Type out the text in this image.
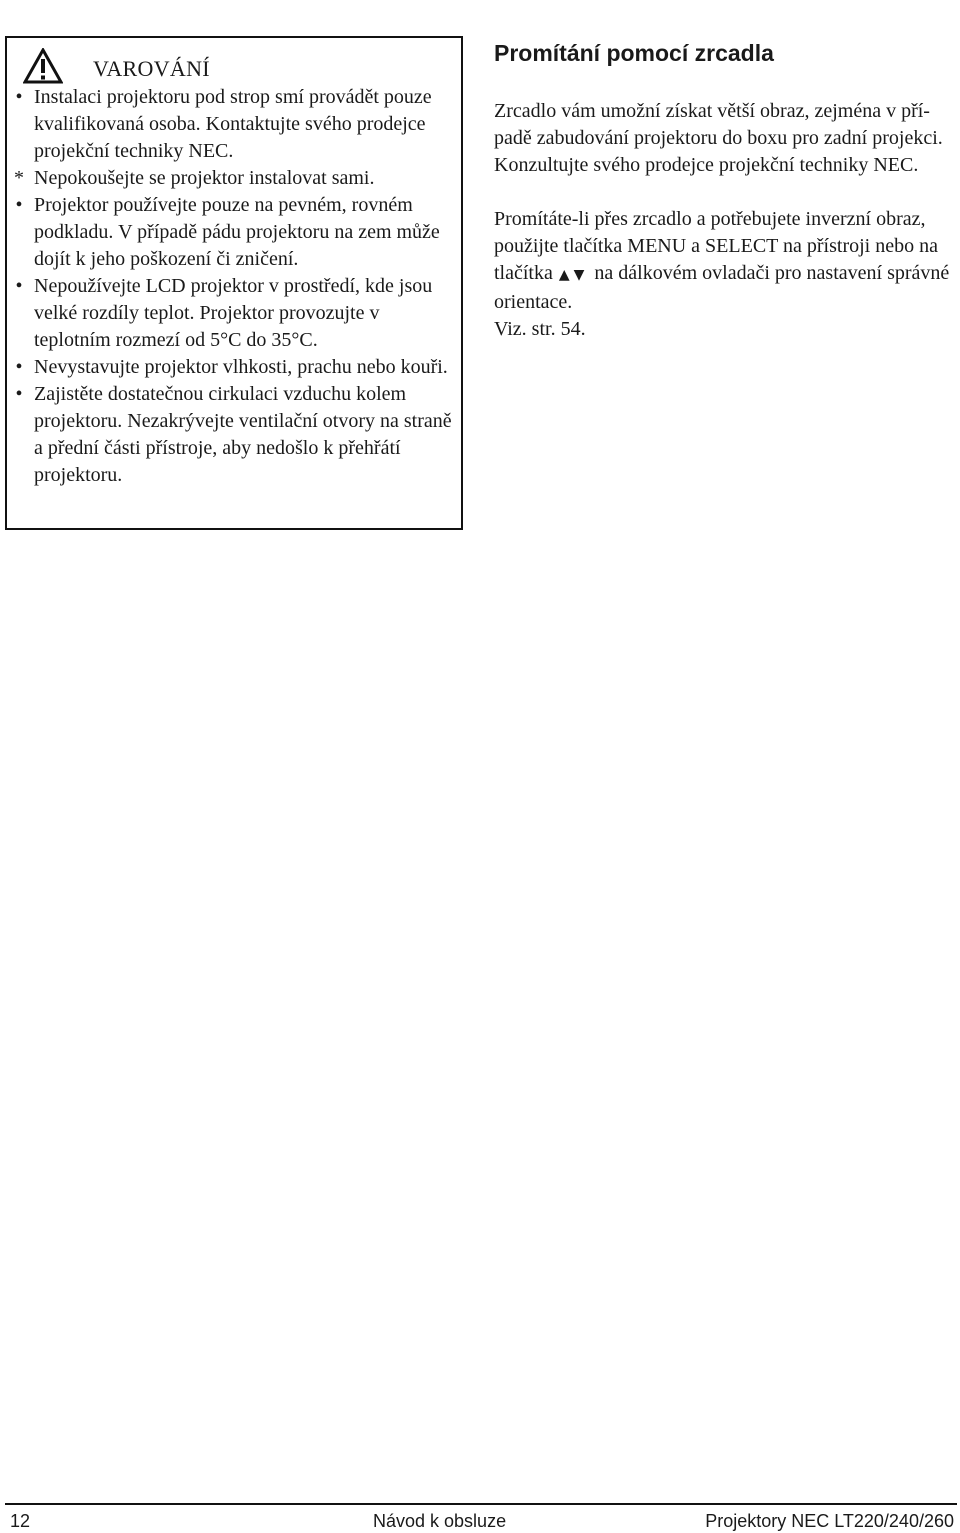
VAROVÁNÍ
• Instalaci projektoru pod strop smí provádět pouze kvalifikovaná osoba. Kontaktujte svého prodejce projekční techniky NEC.
* Nepokoušejte se projektor instalovat sami.
• Projektor používejte pouze na pevném, rovném podkladu. V případě pádu projektoru na zem může dojít k jeho poškození či zničení.
• Nepoužívejte LCD projektor v prostředí, kde jsou velké rozdíly teplot. Projektor provozujte v teplotním rozmezí od 5°C do 35°C.
• Nevystavujte projektor vlhkosti, prachu nebo kouři.
• Zajistěte dostatečnou cirkulaci vzduchu kolem projektoru. Nezakrývejte ventilační otvory na straně a přední části přístroje, aby nedošlo k přehřátí projektoru.
Promítání pomocí zrcadla

Zrcadlo vám umožní získat větší obraz, zejména v pří-padě zabudování projektoru do boxu pro zadní projekci. Konzultujte svého prodejce projekční techniky NEC.

Promítáte-li přes zrcadlo a potřebujete inverzní obraz, použijte tlačítka MENU a SELECT na přístroji nebo na tlačítka ▲▼ na dálkovém ovladači pro nastavení správné orientace.
Viz. str. 54.

12	Návod k obsluze	Projektory NEC LT220/240/260
